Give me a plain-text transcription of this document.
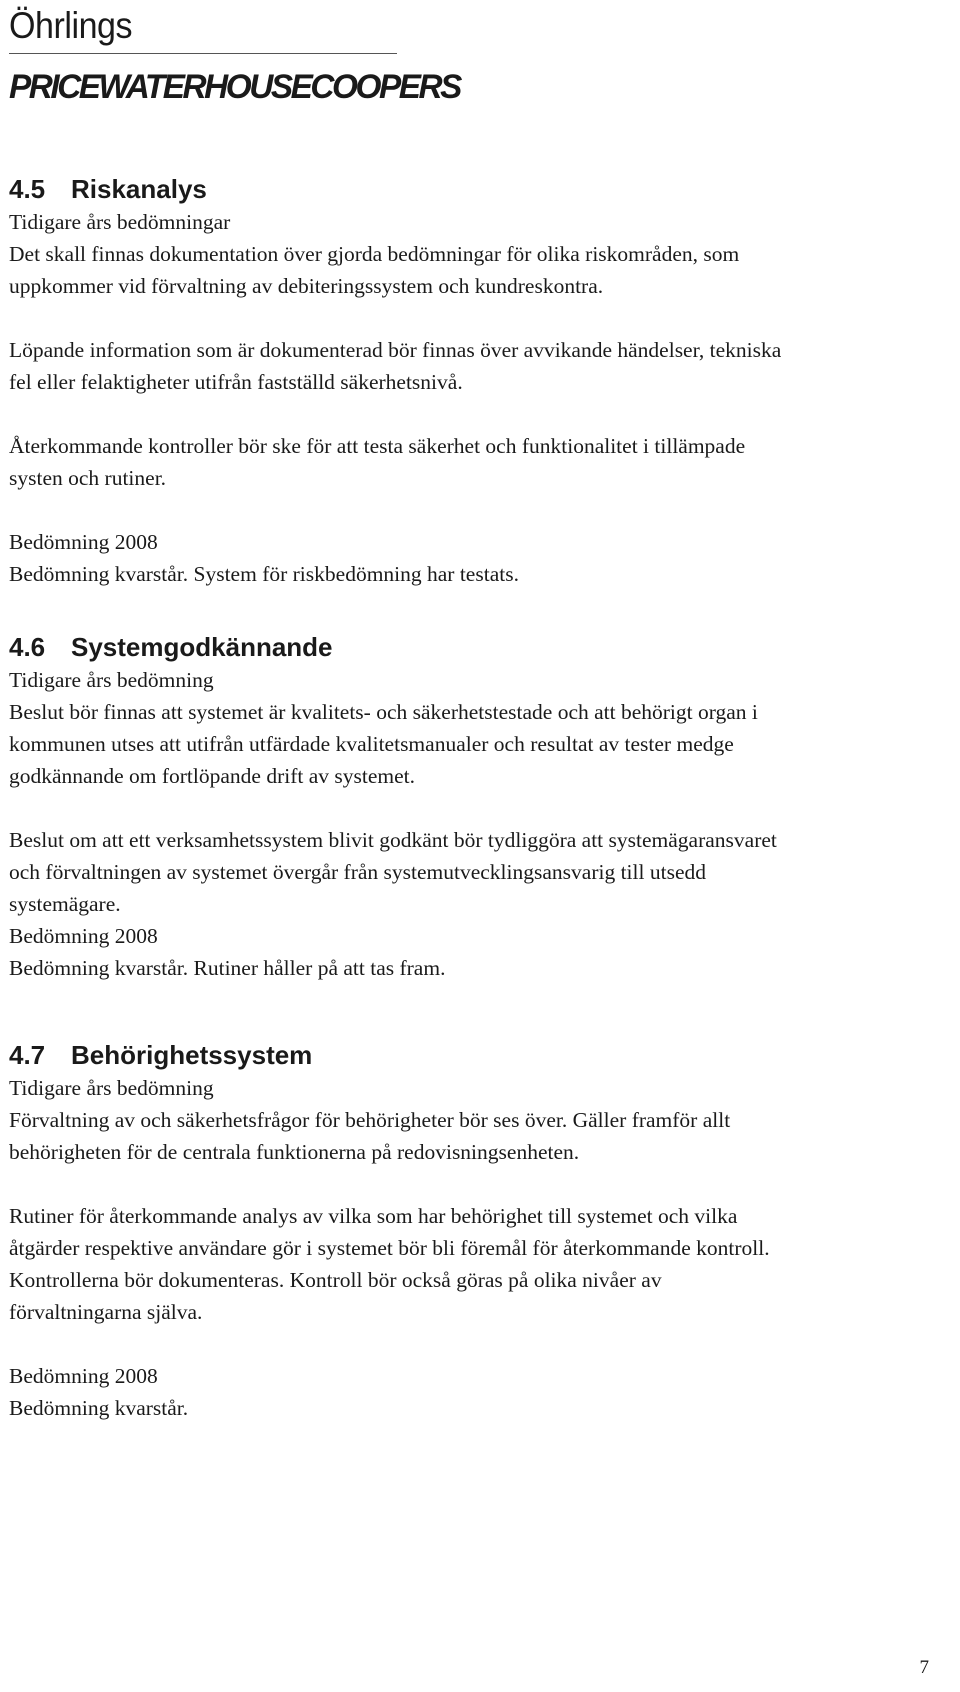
Öhrlings
PRICEWATERHOUSECOOPERS
4.5 Riskanalys

Tidigare års bedömningar

Det skall finnas dokumentation över gjorda bedömningar för olika riskområden, som
uppkommer vid förvaltning av debiteringssystem och kundreskontra.

Löpande information som är dokumenterad bör finnas över avvikande händelser, tekniska
fel eller felaktigheter utifrån fastställd säkerhetsnivå.

Återkommande kontroller bör ske för att testa säkerhet och funktionalitet i tillämpade
systen och rutiner.

Bedömning 2008

Bedömning kvarstår. System för riskbedömning har testats.

4.6 Systemgodkännande

Tidigare års bedömning

Beslut bör finnas att systemet är kvalitets- och säkerhetstestade och att behörigt organ i
kommunen utses att utifrån utfärdade kvalitetsmanualer och resultat av tester medge
godkännande om fortlöpande drift av systemet.

Beslut om att ett verksamhetssystem blivit godkänt bör tydliggöra att systemägaransvaret
och förvaltningen av systemet övergår från systemutvecklingsansvarig till utsedd
systemägare.

Bedömning 2008

Bedömning kvarstår. Rutiner håller på att tas fram.

4.7 Behörighetssystem

Tidigare års bedömning

Förvaltning av och säkerhetsfrågor för behörigheter bör ses över. Gäller framför allt
behörigheten för de centrala funktionerna på redovisningsenheten.

Rutiner för återkommande analys av vilka som har behörighet till systemet och vilka
åtgärder respektive användare gör i systemet bör bli föremål för återkommande kontroll.
Kontrollerna bör dokumenteras. Kontroll bör också göras på olika nivåer av
förvaltningarna själva.

Bedömning 2008

Bedömning kvarstår.

7
